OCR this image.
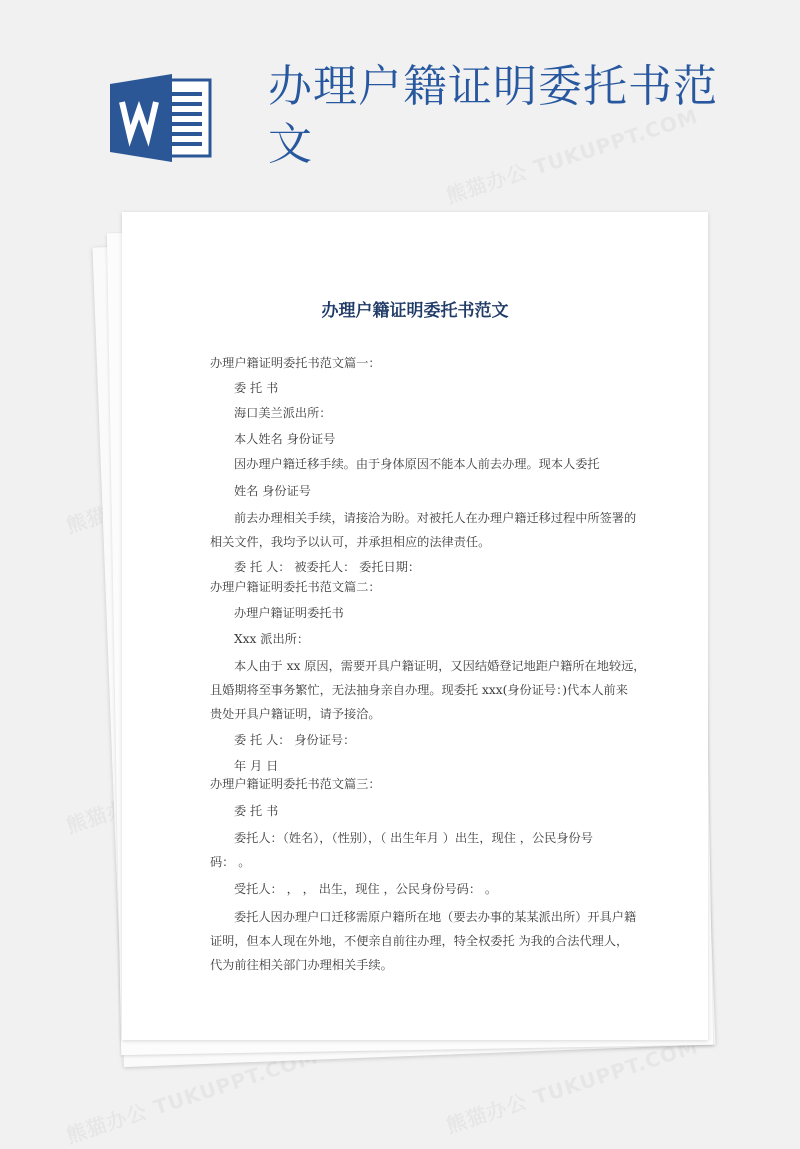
办理户籍证明委托书范文
办理户籍证明委托书范文
办理户籍证明委托书范文篇一：
委 托 书
海口美兰派出所：
本人姓名 身份证号
因办理户籍迁移手续。由于身体原因不能本人前去办理。现本人委托
姓名 身份证号
前去办理相关手续，请接洽为盼。对被托人在办理户籍迁移过程中所签署的
相关文件，我均予以认可，并承担相应的法律责任。
委 托 人： 被委托人： 委托日期：
办理户籍证明委托书范文篇二：
办理户籍证明委托书
Xxx 派出所：
本人由于 xx 原因，需要开具户籍证明，又因结婚登记地距户籍所在地较远，
且婚期将至事务繁忙，无法抽身亲自办理。现委托 xxx(身份证号：)代本人前来
贵处开具户籍证明，请予接洽。
委 托 人： 身份证号：
年 月 日
办理户籍证明委托书范文篇三：
委 托 书
委托人：（姓名），（性别），（ 出生年月 ）出生，现住 ，公民身份号
码： 。
受托人： ， ， 出生，现住 ，公民身份号码： 。
委托人因办理户口迁移需原户籍所在地（要去办事的某某派出所）开具户籍
证明，但本人现在外地，不便亲自前往办理，特全权委托 为我的合法代理人，
代为前往相关部门办理相关手续。
